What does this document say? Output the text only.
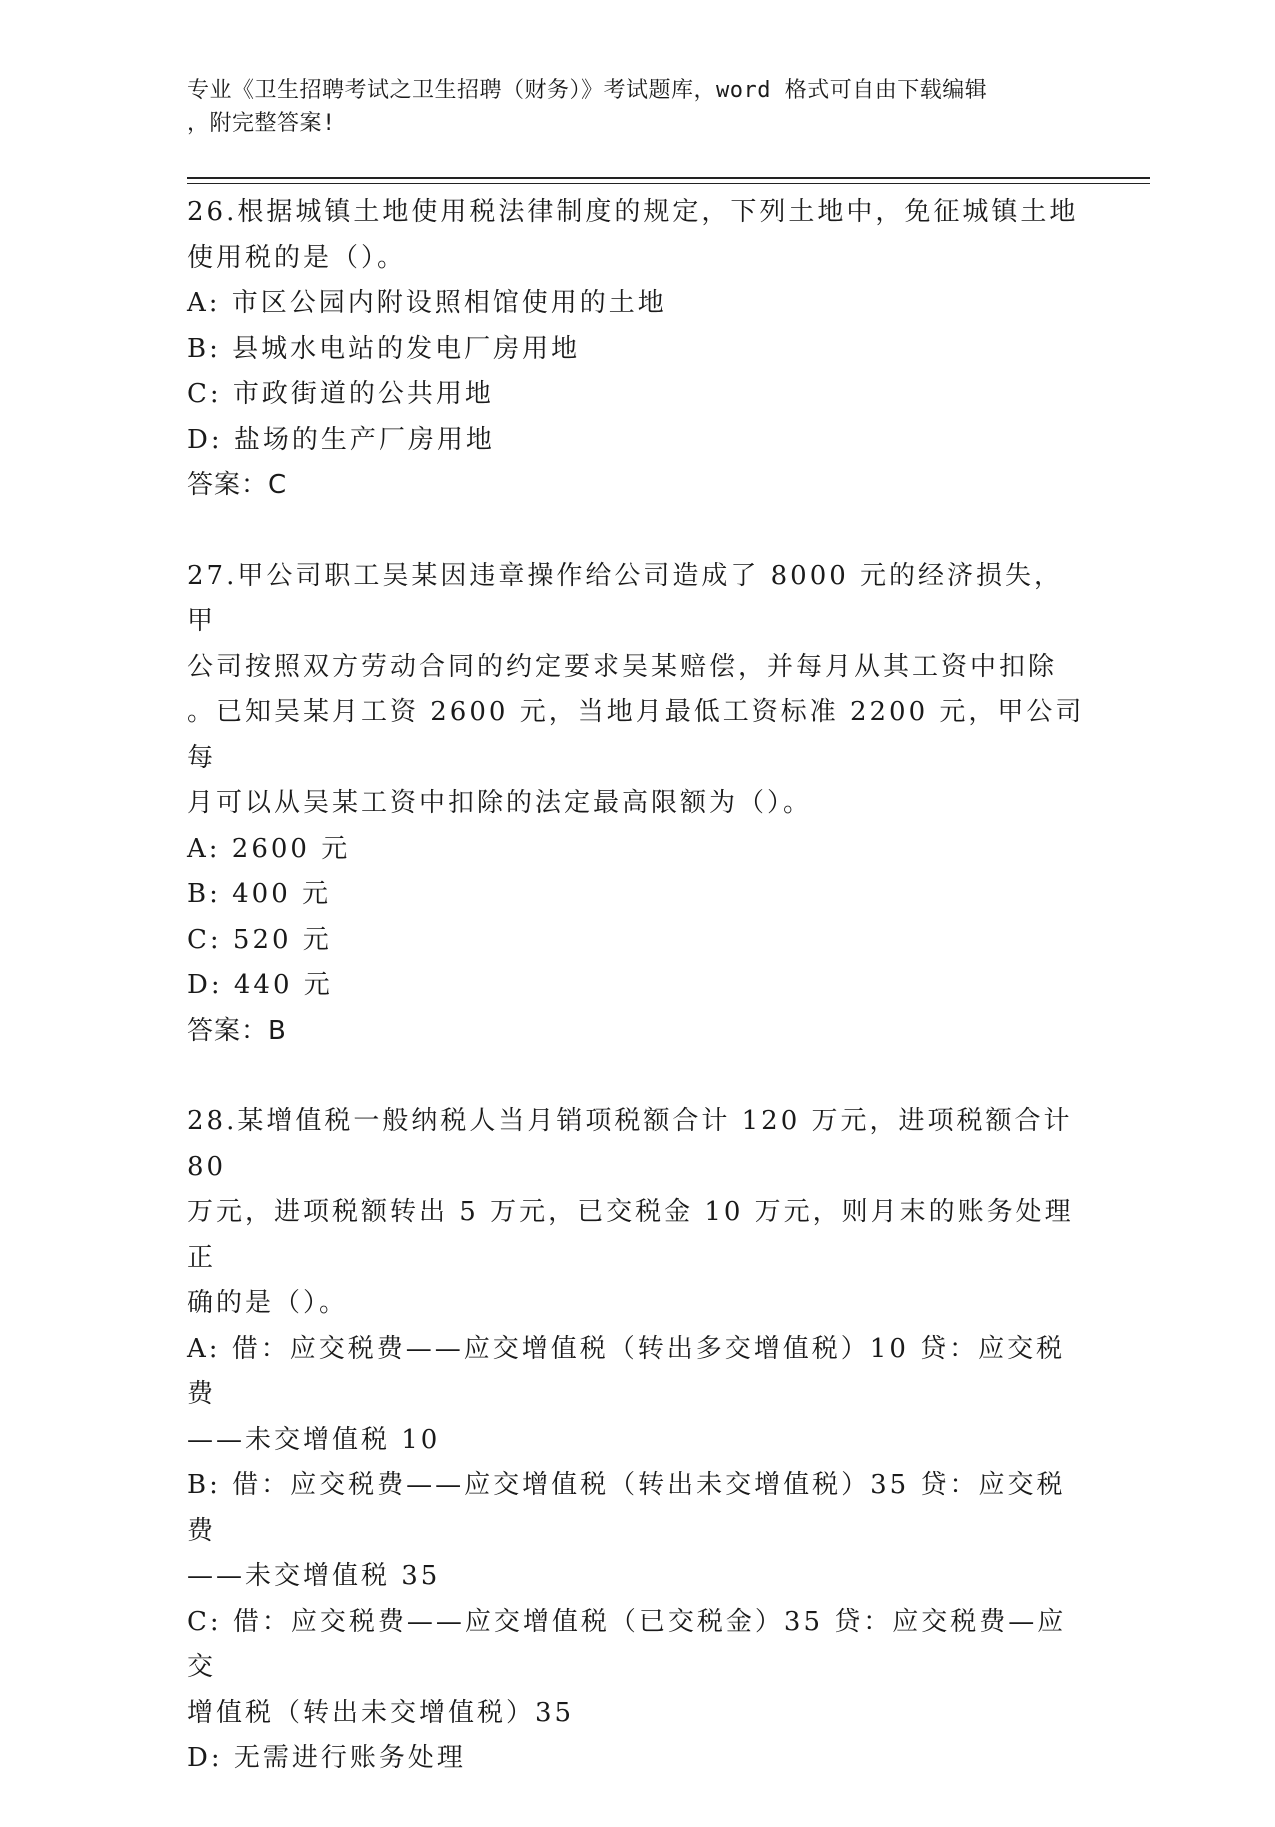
专业《卫生招聘考试之卫生招聘（财务）》考试题库，word 格式可自由下载编辑
，附完整答案!
26.根据城镇土地使用税法律制度的规定，下列土地中，免征城镇土地
使用税的是（）。
A: 市区公园内附设照相馆使用的土地
B: 县城水电站的发电厂房用地
C: 市政街道的公共用地
D: 盐场的生产厂房用地
答案：C
27.甲公司职工吴某因违章操作给公司造成了 8000 元的经济损失，甲
公司按照双方劳动合同的约定要求吴某赔偿，并每月从其工资中扣除
。已知吴某月工资 2600 元，当地月最低工资标准 2200 元，甲公司每
月可以从吴某工资中扣除的法定最高限额为（）。
A: 2600 元
B: 400 元
C: 520 元
D: 440 元
答案：B
28.某增值税一般纳税人当月销项税额合计 120 万元，进项税额合计 80
万元，进项税额转出 5 万元，已交税金 10 万元，则月末的账务处理正
确的是（）。
A: 借：应交税费——应交增值税（转出多交增值税）10 贷：应交税费
——未交增值税 10
B: 借：应交税费——应交增值税（转出未交增值税）35 贷：应交税费
——未交增值税 35
C: 借：应交税费——应交增值税（已交税金）35 贷：应交税费—应交
增值税（转出未交增值税）35
D: 无需进行账务处理
